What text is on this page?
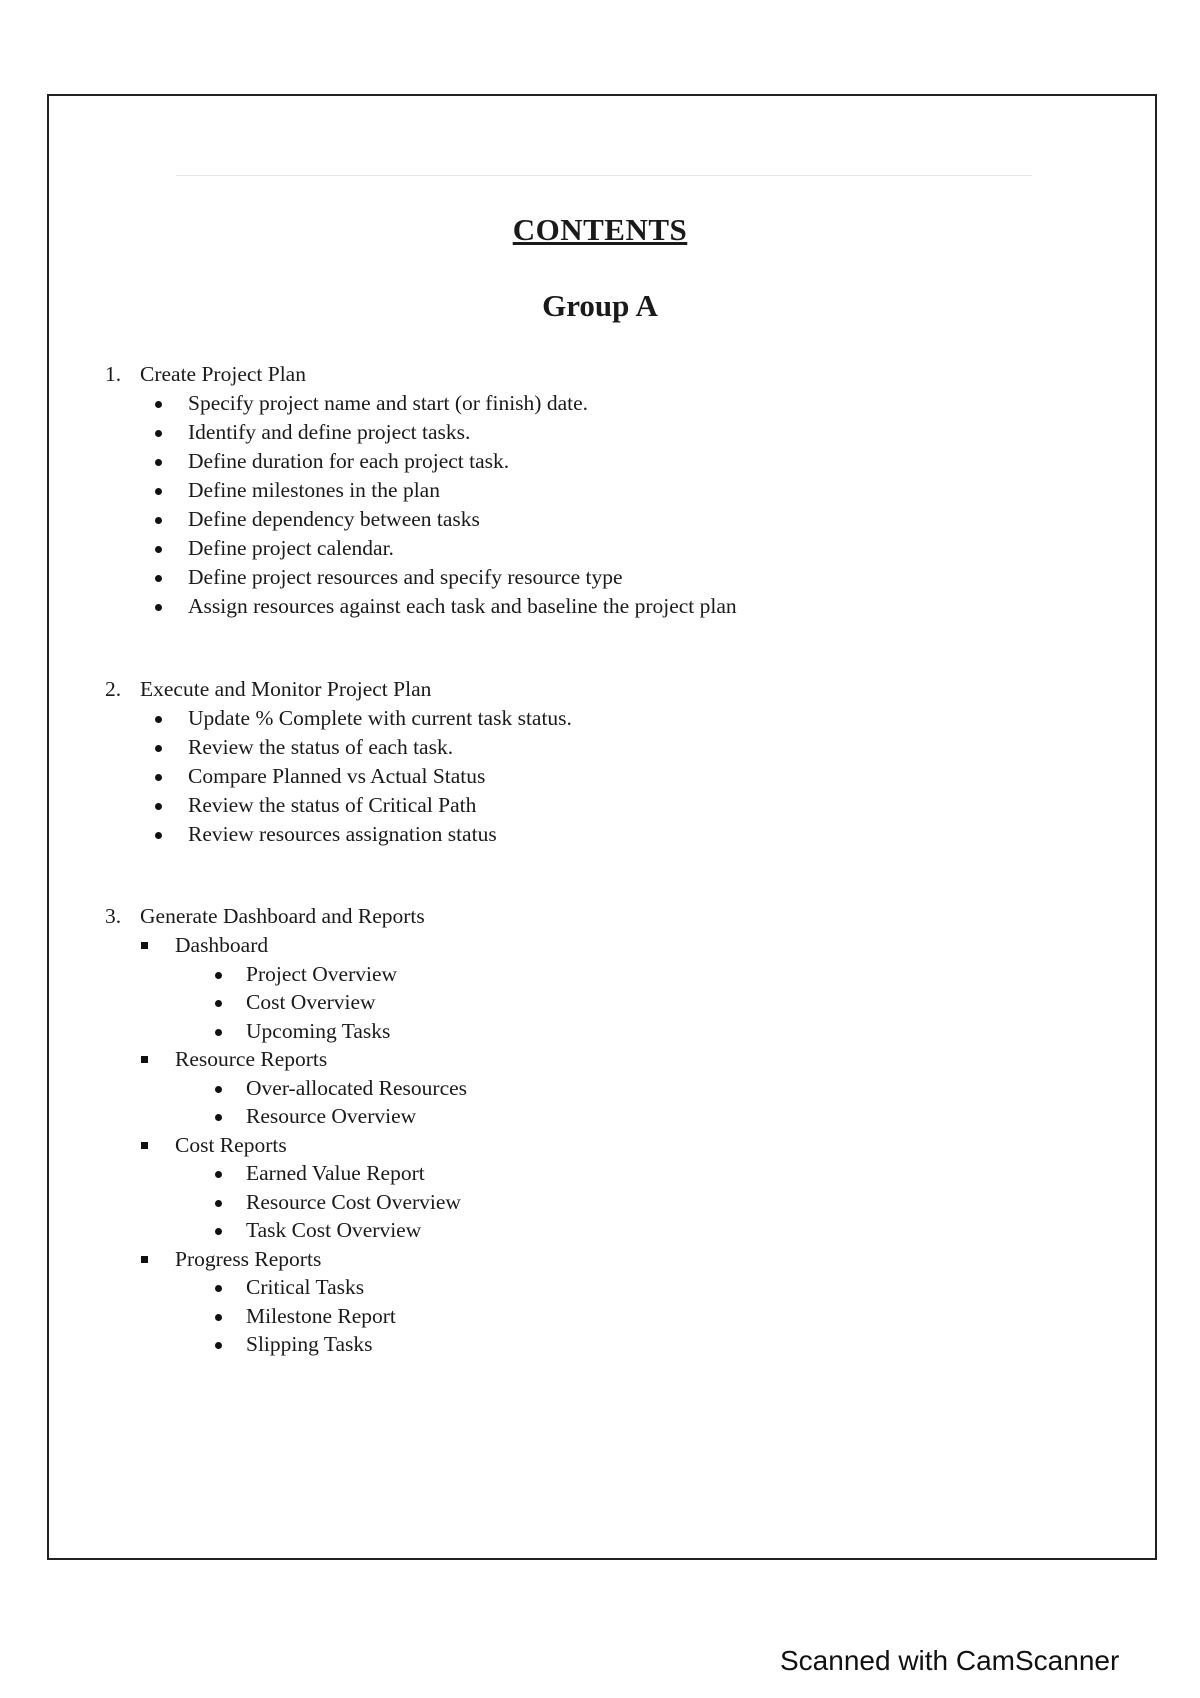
CONTENTS
Group A
1. Create Project Plan
Specify project name and start (or finish) date.
Identify and define project tasks.
Define duration for each project task.
Define milestones in the plan
Define dependency between tasks
Define project calendar.
Define project resources and specify resource type
Assign resources against each task and baseline the project plan
2. Execute and Monitor Project Plan
Update % Complete with current task status.
Review the status of each task.
Compare Planned vs Actual Status
Review the status of Critical Path
Review resources assignation status
3. Generate Dashboard and Reports
Dashboard
Project Overview
Cost Overview
Upcoming Tasks
Resource Reports
Over-allocated Resources
Resource Overview
Cost Reports
Earned Value Report
Resource Cost Overview
Task Cost Overview
Progress Reports
Critical Tasks
Milestone Report
Slipping Tasks
Scanned with CamScanner
